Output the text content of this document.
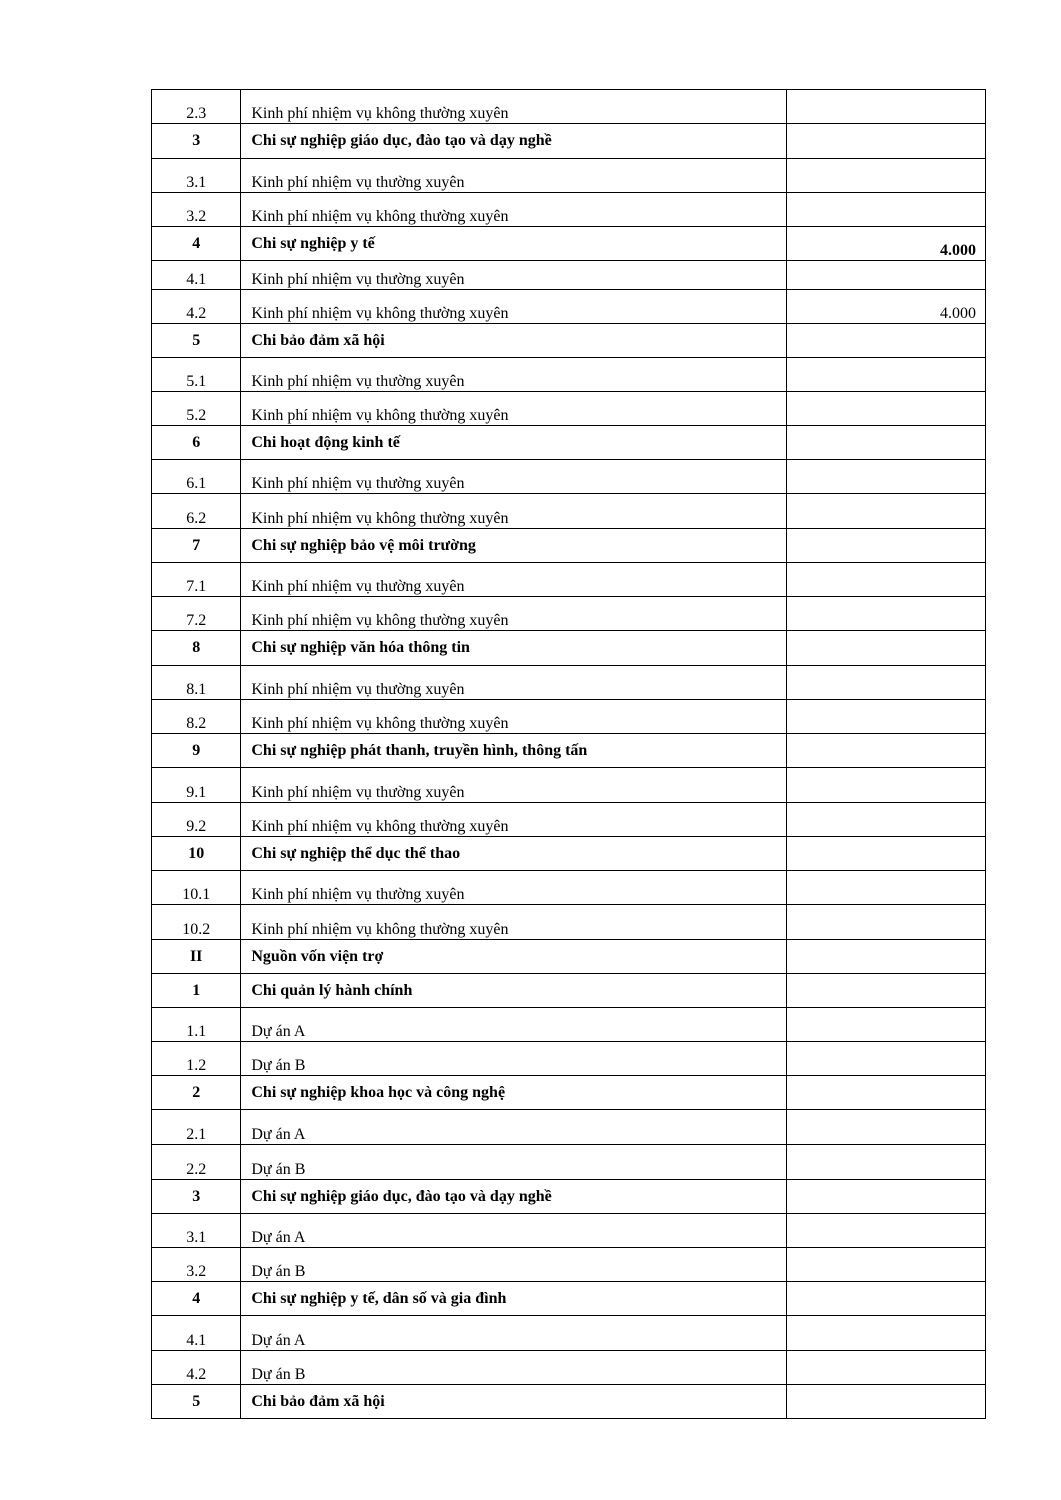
2.3	Kinh phí nhiệm vụ không thường xuyên	
3	Chi sự nghiệp giáo dục, đào tạo và dạy nghề	
3.1	Kinh phí nhiệm vụ thường xuyên	
3.2	Kinh phí nhiệm vụ không thường xuyên	
4	Chi sự nghiệp y tế	4.000
4.1	Kinh phí nhiệm vụ thường xuyên	
4.2	Kinh phí nhiệm vụ không thường xuyên	4.000
5	Chi bảo đảm xã hội	
5.1	Kinh phí nhiệm vụ thường xuyên	
5.2	Kinh phí nhiệm vụ không thường xuyên	
6	Chi hoạt động kinh tế	
6.1	Kinh phí nhiệm vụ thường xuyên	
6.2	Kinh phí nhiệm vụ không thường xuyên	
7	Chi sự nghiệp bảo vệ môi trường	
7.1	Kinh phí nhiệm vụ thường xuyên	
7.2	Kinh phí nhiệm vụ không thường xuyên	
8	Chi sự nghiệp văn hóa thông tin	
8.1	Kinh phí nhiệm vụ thường xuyên	
8.2	Kinh phí nhiệm vụ không thường xuyên	
9	Chi sự nghiệp phát thanh, truyền hình, thông tấn	
9.1	Kinh phí nhiệm vụ thường xuyên	
9.2	Kinh phí nhiệm vụ không thường xuyên	
10	Chi sự nghiệp thể dục thể thao	
10.1	Kinh phí nhiệm vụ thường xuyên	
10.2	Kinh phí nhiệm vụ không thường xuyên	
II	Nguồn vốn viện trợ	
1	Chi quản lý hành chính	
1.1	Dự án A	
1.2	Dự án B	
2	Chi sự nghiệp khoa học và công nghệ	
2.1	Dự án A	
2.2	Dự án B	
3	Chi sự nghiệp giáo dục, đào tạo và dạy nghề	
3.1	Dự án A	
3.2	Dự án B	
4	Chi sự nghiệp y tế, dân số và gia đình	
4.1	Dự án A	
4.2	Dự án B	
5	Chi bảo đảm xã hội	
